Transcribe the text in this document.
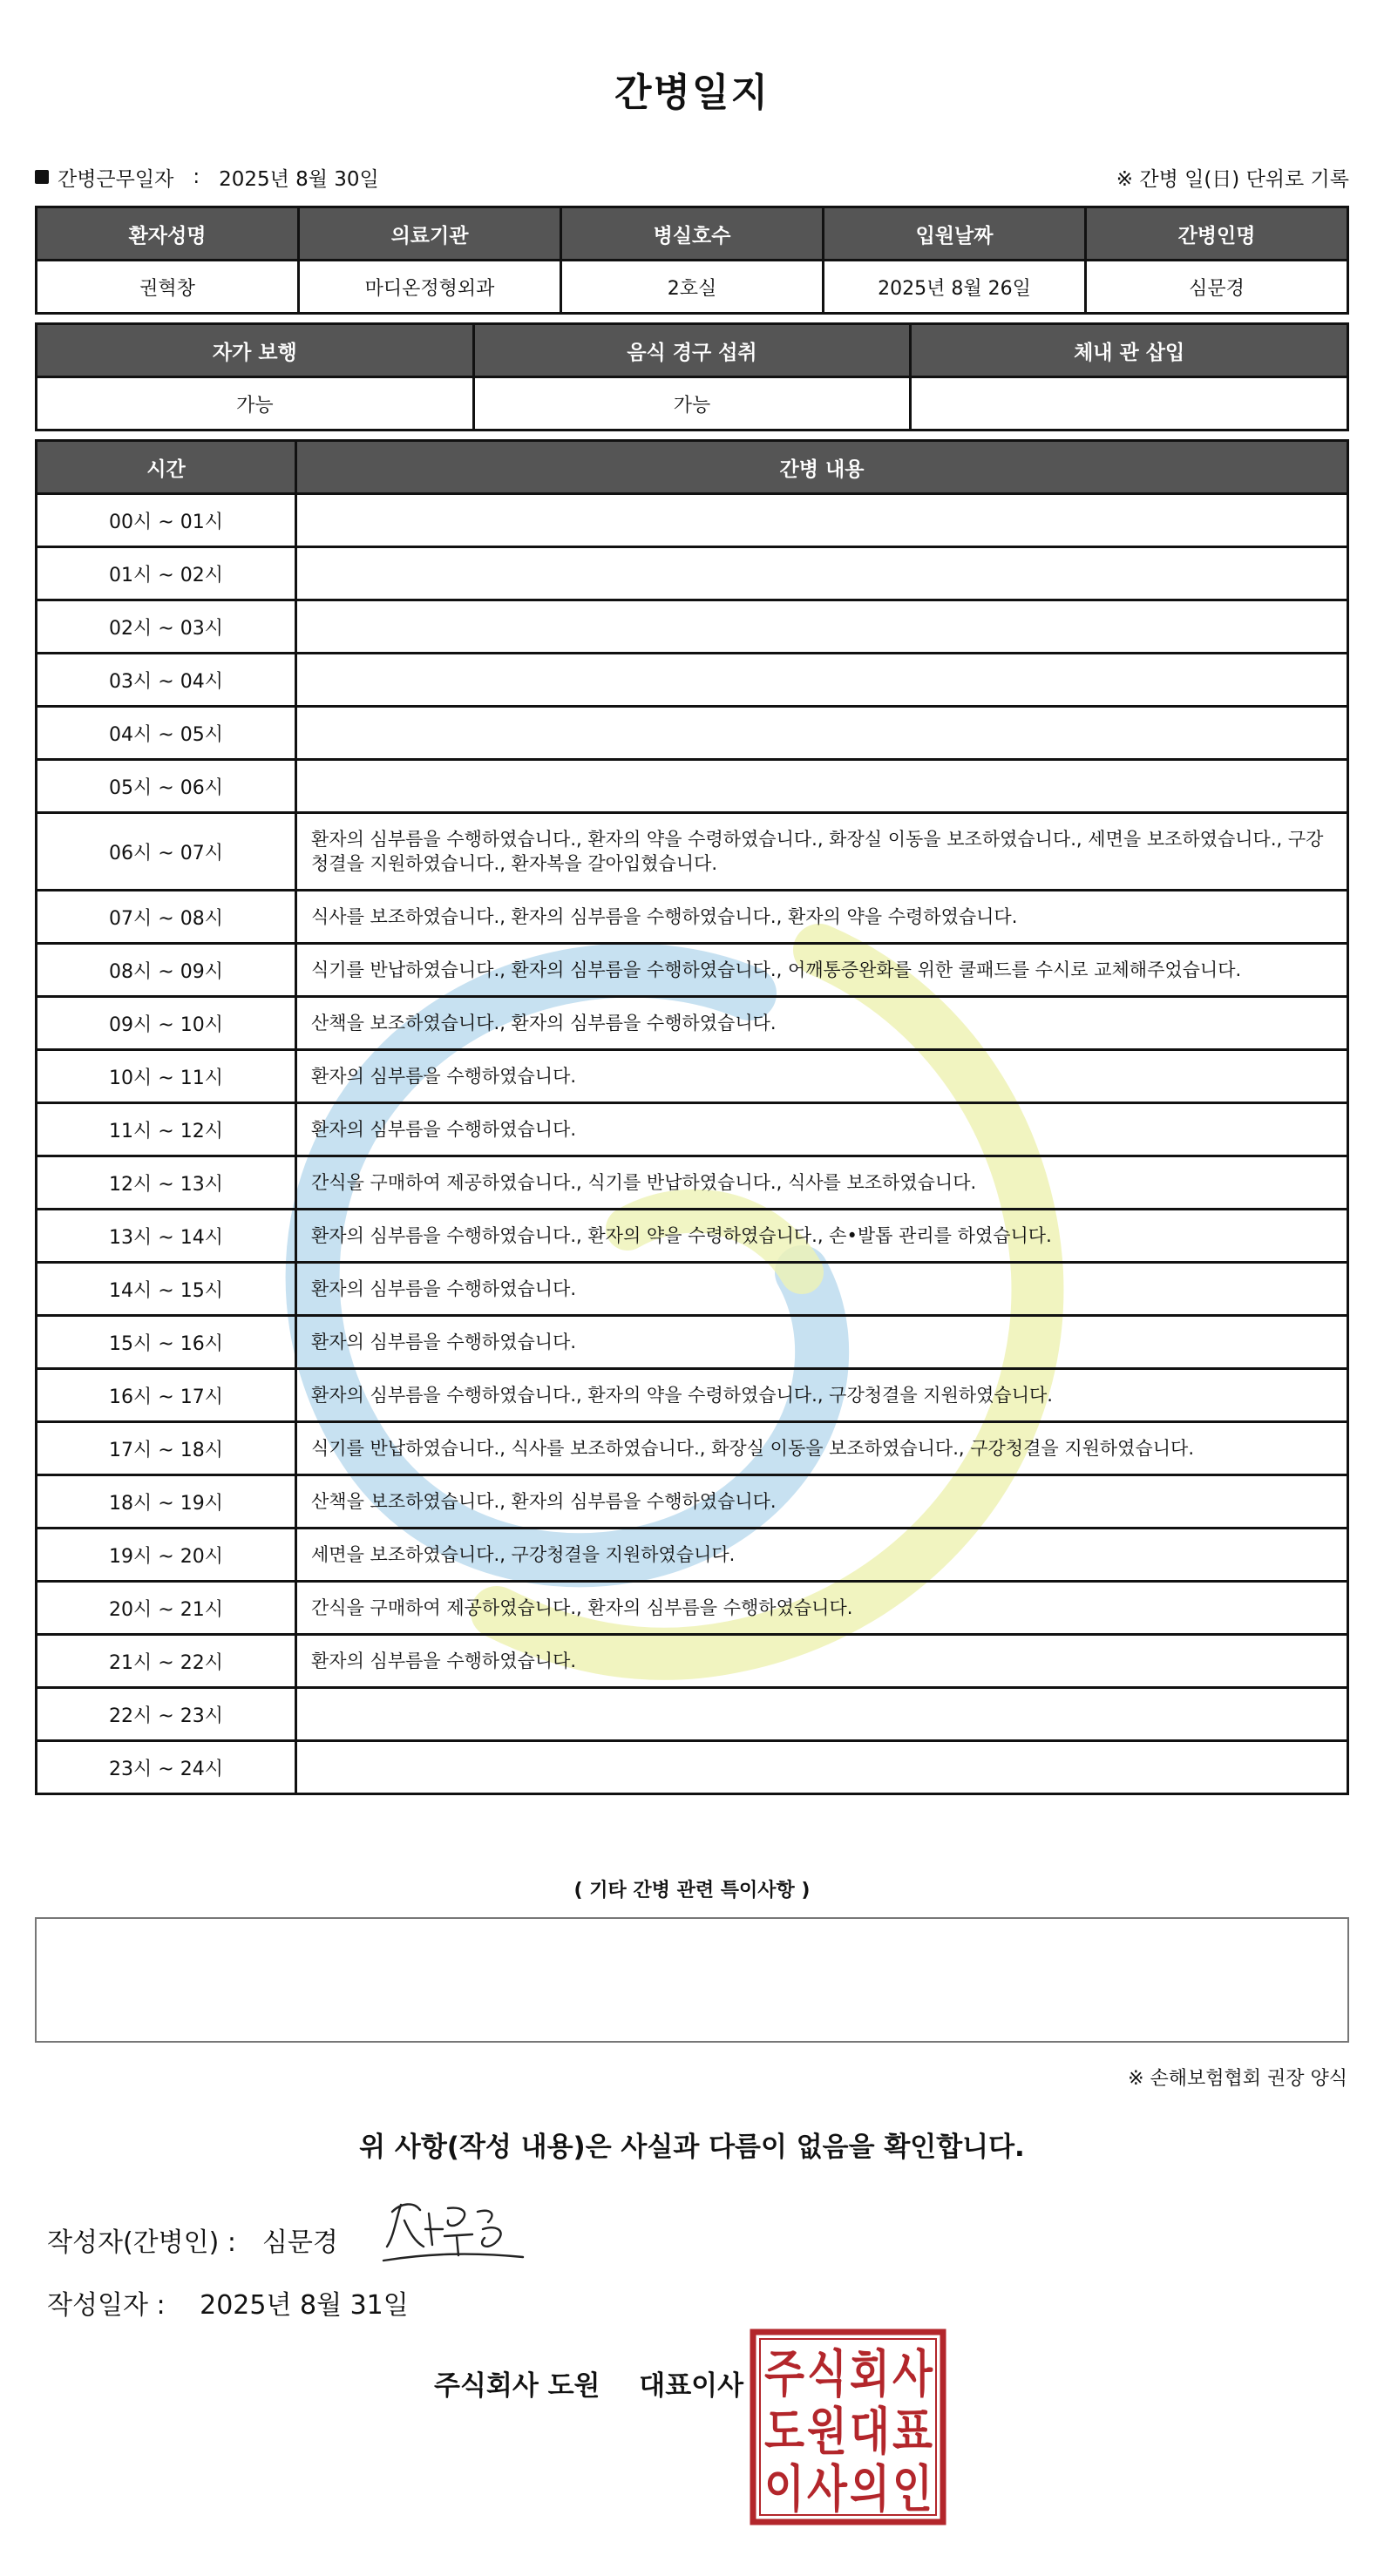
간병일지
간병근무일자 : 2025년 8월 30일	※ 간병 일(日) 단위로 기록
환자성명	의료기관	병실호수	입원날짜	간병인명
권혁창	마디온정형외과	2호실	2025년 8월 26일	심문경
자가 보행	음식 경구 섭취	체내 관 삽입
가능	가능	
시간	간병 내용
00시 ~ 01시	
01시 ~ 02시	
02시 ~ 03시	
03시 ~ 04시	
04시 ~ 05시	
05시 ~ 06시	
06시 ~ 07시	환자의 심부름을 수행하였습니다., 환자의 약을 수령하였습니다., 화장실 이동을 보조하였습니다., 세면을 보조하였습니다., 구강청결을 지원하였습니다., 환자복을 갈아입혔습니다.
07시 ~ 08시	식사를 보조하였습니다., 환자의 심부름을 수행하였습니다., 환자의 약을 수령하였습니다.
08시 ~ 09시	식기를 반납하였습니다., 환자의 심부름을 수행하였습니다., 어깨통증완화를 위한 쿨패드를 수시로 교체해주었습니다.
09시 ~ 10시	산책을 보조하였습니다., 환자의 심부름을 수행하였습니다.
10시 ~ 11시	환자의 심부름을 수행하였습니다.
11시 ~ 12시	환자의 심부름을 수행하였습니다.
12시 ~ 13시	간식을 구매하여 제공하였습니다., 식기를 반납하였습니다., 식사를 보조하였습니다.
13시 ~ 14시	환자의 심부름을 수행하였습니다., 환자의 약을 수령하였습니다., 손•발톱 관리를 하였습니다.
14시 ~ 15시	환자의 심부름을 수행하였습니다.
15시 ~ 16시	환자의 심부름을 수행하였습니다.
16시 ~ 17시	환자의 심부름을 수행하였습니다., 환자의 약을 수령하였습니다., 구강청결을 지원하였습니다.
17시 ~ 18시	식기를 반납하였습니다., 식사를 보조하였습니다., 화장실 이동을 보조하였습니다., 구강청결을 지원하였습니다.
18시 ~ 19시	산책을 보조하였습니다., 환자의 심부름을 수행하였습니다.
19시 ~ 20시	세면을 보조하였습니다., 구강청결을 지원하였습니다.
20시 ~ 21시	간식을 구매하여 제공하였습니다., 환자의 심부름을 수행하였습니다.
21시 ~ 22시	환자의 심부름을 수행하였습니다.
22시 ~ 23시	
23시 ~ 24시	
( 기타 간병 관련 특이사항 )
※ 손해보험협회 권장 양식
위 사항(작성 내용)은 사실과 다름이 없음을 확인합니다.
작성자(간병인) : 심문경
작성일자 : 2025년 8월 31일
주식회사 도원 대표이사 주 식 회 사
도 원 대 표
이 사 의 인
